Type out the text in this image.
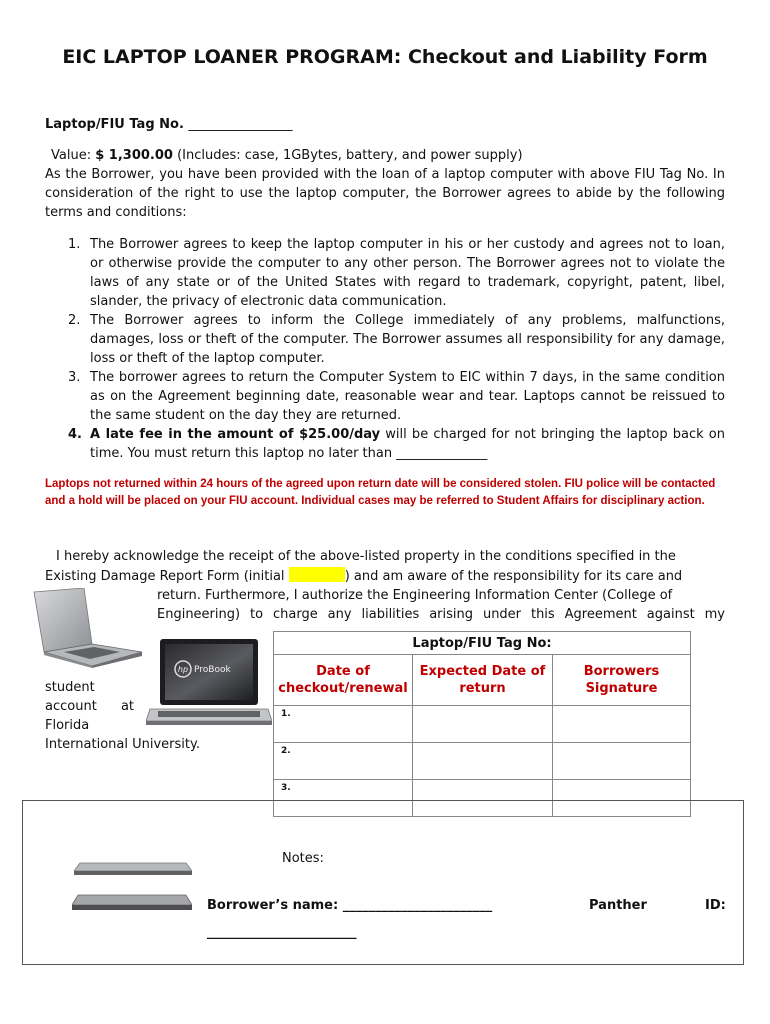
EIC LAPTOP LOANER PROGRAM: Checkout and Liability Form
Laptop/FIU Tag No. ________________
Value: $ 1,300.00 (Includes: case, 1GBytes, battery, and power supply)
As the Borrower, you have been provided with the loan of a laptop computer with above FIU Tag No. In consideration of the right to use the laptop computer, the Borrower agrees to abide by the following terms and conditions:
1. The Borrower agrees to keep the laptop computer in his or her custody and agrees not to loan, or otherwise provide the computer to any other person. The Borrower agrees not to violate the laws of any state or of the United States with regard to trademark, copyright, patent, libel, slander, the privacy of electronic data communication.
2. The Borrower agrees to inform the College immediately of any problems, malfunctions, damages, loss or theft of the computer. The Borrower assumes all responsibility for any damage, loss or theft of the laptop computer.
3. The borrower agrees to return the Computer System to EIC within 7 days, in the same condition as on the Agreement beginning date, reasonable wear and tear. Laptops cannot be reissued to the same student on the day they are returned.
4. A late fee in the amount of $25.00/day will be charged for not bringing the laptop back on time. You must return this laptop no later than ______________
Laptops not returned within 24 hours of the agreed upon return date will be considered stolen. FIU police will be contacted and a hold will be placed on your FIU account. Individual cases may be referred to Student Affairs for disciplinary action.
I hereby acknowledge the receipt of the above-listed property in the conditions specified in the
Existing Damage Report Form (initial	) and am aware of the responsibility for its care and
return. Furthermore, I authorize the Engineering Information Center (College of
Engineering) to charge any liabilities arising under this Agreement against my
student
account at
Florida
International University.
hp ProBook
Laptop/FIU Tag No:		
Date of checkout/renewal	Expected Date of return	Borrowers Signature
1.		
2.		
3.		
Notes:
Borrower’s name: _______________________	Panther	ID:
_______________________
